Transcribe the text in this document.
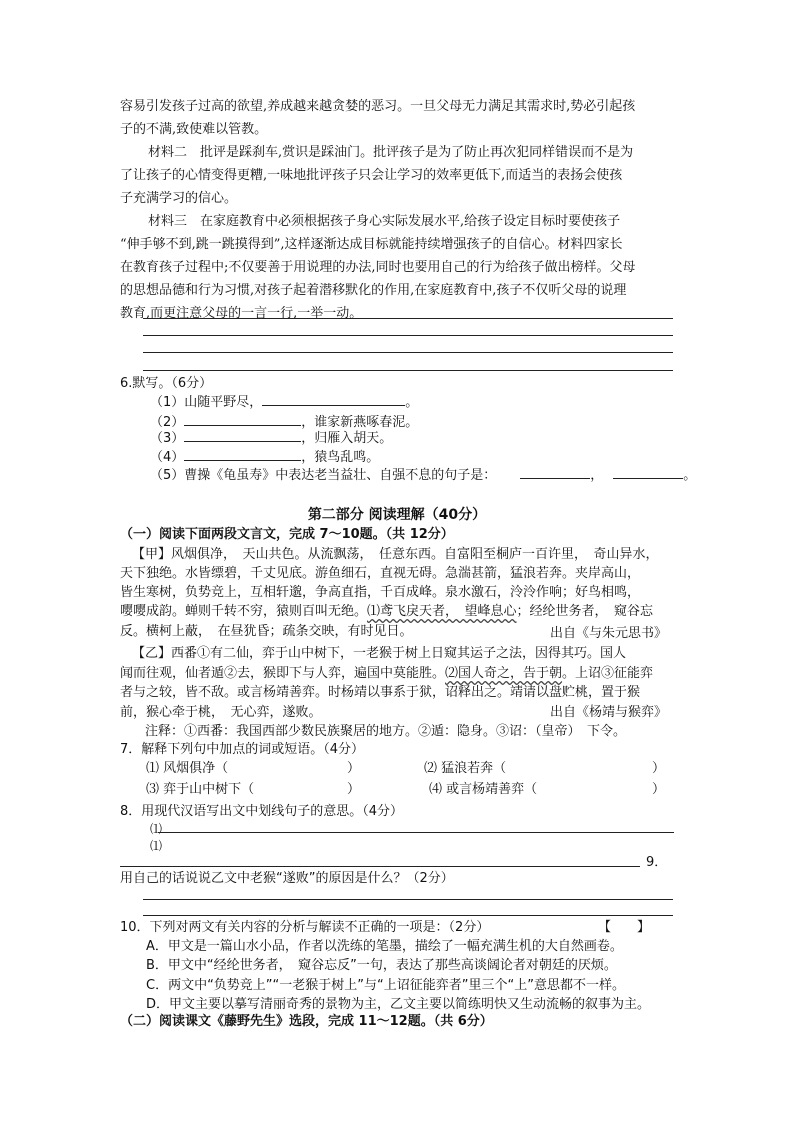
容易引发孩子过高的欲望,养成越来越贪婪的恶习。一旦父母无力满足其需求时,势必引起孩
子的不满,致使难以管教。
材料二　批评是踩刹车,赏识是踩油门。批评孩子是为了防止再次犯同样错误而不是为
了让孩子的心情变得更糟,一味地批评孩子只会让学习的效率更低下,而适当的表扬会使孩
子充满学习的信心。
材料三　在家庭教育中必须根据孩子身心实际发展水平,给孩子设定目标时要使孩子
“伸手够不到,跳一跳摸得到”,这样逐渐达成目标就能持续增强孩子的自信心。材料四家长
在教育孩子过程中;不仅要善于用说理的办法,同时也要用自己的行为给孩子做出榜样。父母
的思想品德和行为习惯,对孩子起着潜移默化的作用,在家庭教育中,孩子不仅听父母的说理
教育,而更注意父母的一言一行,一举一动。
6.默写。（6分）
（1）山随平野尽，	。
（2）	，谁家新燕啄春泥。
（3）	，归雁入胡天。
（4）	，猿鸟乱鸣。
（5）曹操《龟虽寿》中表达老当益壮、自强不息的句子是：	，	。
第二部分 阅读理解（40分）
（一）阅读下面两段文言文，完成 7～10题。（共 12分）
【甲】风烟俱净，　天山共色。从流飘荡，　任意东西。自富阳至桐庐一百许里，　奇山异水，
天下独绝。水皆缥碧，千丈见底。游鱼细石，直视无碍。急湍甚箭，猛浪若奔。夹岸高山，
皆生寒树，负势竞上，互相轩邈，争高直指，千百成峰。泉水激石，泠泠作响；好鸟相鸣，
嘤嘤成韵。蝉则千转不穷，猿则百叫无绝。⑴鸢飞戾天者，　望峰息心；经纶世务者，　窥谷忘
反。横柯上蔽，　在昼犹昏；疏条交映，有时见日。	出自《与朱元思书》
【乙】西番①有二仙，弈于山中树下，一老猴于树上日窥其运子之法，因得其巧。国人
闻而往观，仙者遁②去，猴即下与人弈，遍国中莫能胜。⑵国人奇之，告于朝。上诏③征能弈
者与之较，皆不敌。或言杨靖善弈。时杨靖以事系于狱，诏释出之。靖请以盘贮桃，置于猴
前，猴心牵于桃，　无心弈，遂败。	出自《杨靖与猴弈》
注释：①西番：我国西部少数民族聚居的地方。②遁：隐身。③诏：（皇帝）　下令。
7．解释下列句中加点的词或短语。（4分）
⑴ 风烟俱净（	）	⑵ 猛浪若奔（	）
⑶ 弈于山中树下（	）	⑷ 或言杨靖善弈（	）
8．用现代汉语写出文中划线句子的意思。（4分）
⑴
⑴
9．
用自己的话说说乙文中老猴“遂败”的原因是什么？（2分）
10．下列对两文有关内容的分析与解读不正确的一项是：（2分）	【　　】
A．甲文是一篇山水小品，作者以洗练的笔墨，描绘了一幅充满生机的大自然画卷。
B．甲文中“经纶世务者，　窥谷忘反”一句，表达了那些高谈阔论者对朝廷的厌烦。
C．两文中“负势竞上”“一老猴于树上”与“上诏征能弈者”里三个“上”意思都不一样。
D．甲文主要以摹写清丽奇秀的景物为主，乙文主要以简练明快又生动流畅的叙事为主。
（二）阅读课文《藤野先生》选段，完成 11～12题。（共 6分）
